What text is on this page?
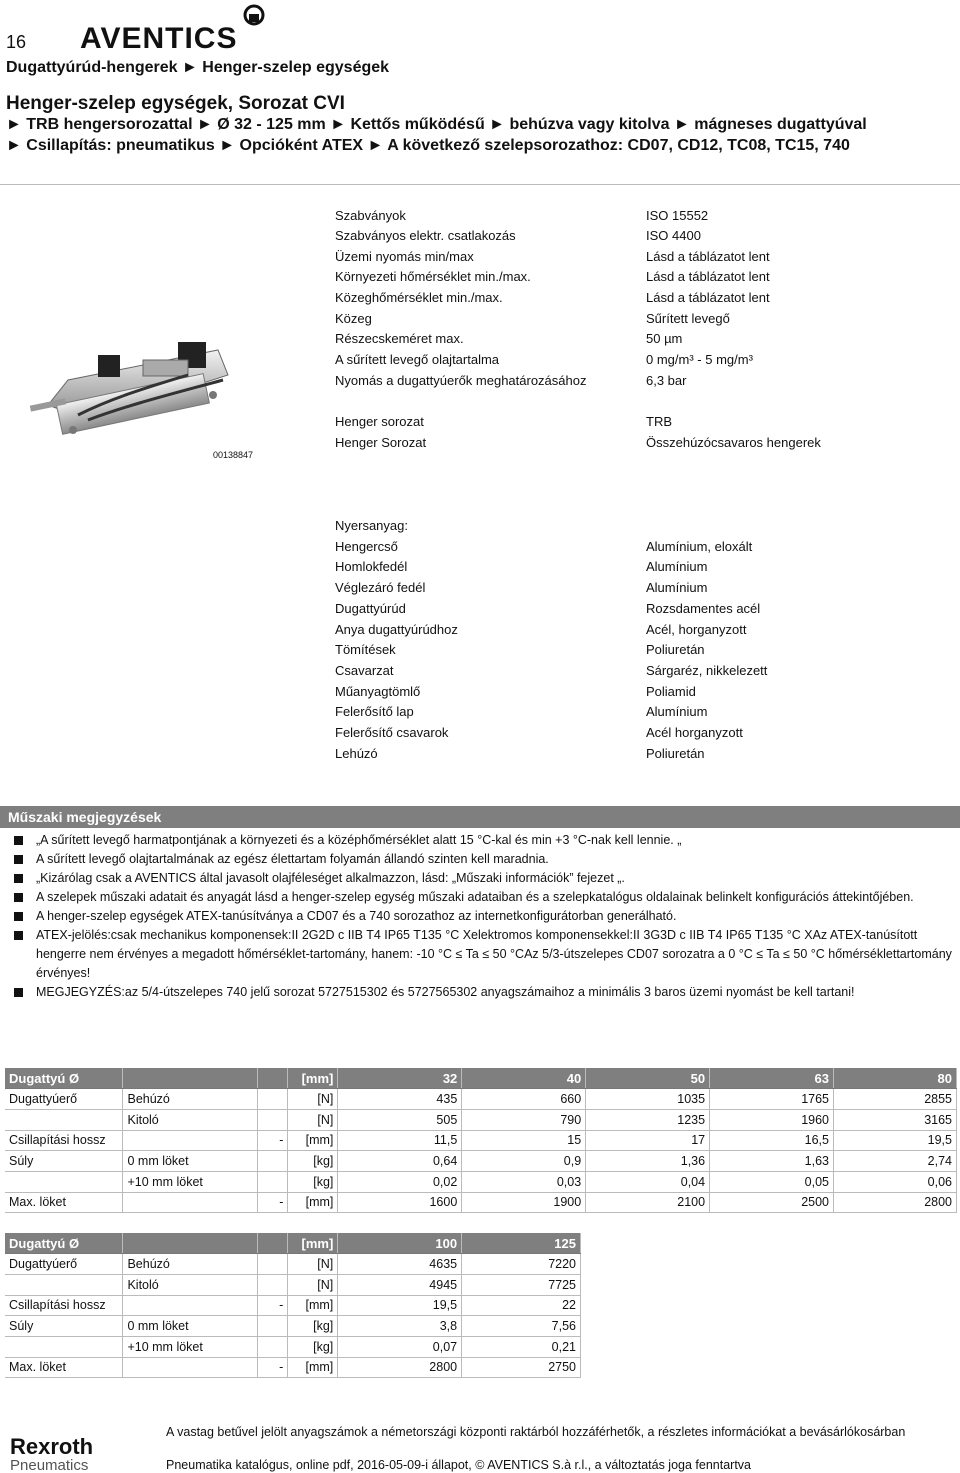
16 AVENTICS
Dugattyúrúd-hengerek ► Henger-szelep egységek
Henger-szelep egységek, Sorozat CVI
► TRB hengersorozattal ► Ø 32 - 125 mm ► Kettős működésű ► behúzva vagy kitolva ► mágneses dugattyúval
► Csillapítás: pneumatikus ► Opcióként ATEX ► A következő szelepsorozathoz: CD07, CD12, TC08, TC15, 740
00138847
Szabványok	ISO 15552
Szabványos elektr. csatlakozás	ISO 4400
Üzemi nyomás min/max	Lásd a táblázatot lent
Környezeti hőmérséklet min./max.	Lásd a táblázatot lent
Közeghőmérséklet min./max.	Lásd a táblázatot lent
Közeg	Sűrített levegő
Részecskeméret max.	50 µm
A sűrített levegő olajtartalma	0 mg/m³ - 5 mg/m³
Nyomás a dugattyúerők meghatározásához	6,3 bar
Henger sorozat	TRB
Henger Sorozat	Összehúzócsavaros hengerek
Nyersanyag:
Hengercső	Alumínium, eloxált
Homlokfedél	Alumínium
Véglezáró fedél	Alumínium
Dugattyúrúd	Rozsdamentes acél
Anya dugattyúrúdhoz	Acél, horganyzott
Tömítések	Poliuretán
Csavarzat	Sárgaréz, nikkelezett
Műanyagtömlő	Poliamid
Felerősítő lap	Alumínium
Felerősítő csavarok	Acél horganyzott
Lehúzó	Poliuretán
Műszaki megjegyzések
„A sűrített levegő harmatpontjának a környezeti és a középhőmérséklet alatt 15 °C-kal és min +3 °C-nak kell lennie. „
A sűrített levegő olajtartalmának az egész élettartam folyamán állandó szinten kell maradnia.
„Kizárólag csak a AVENTICS által javasolt olajféleséget alkalmazzon, lásd: „Műszaki információk” fejezet „.
A szelepek műszaki adatait és anyagát lásd a henger-szelep egység műszaki adataiban és a szelepkatalógus oldalainak belinkelt konfigurációs áttekintőjében.
A henger-szelep egységek ATEX-tanúsítványa a CD07 és a 740 sorozathoz az internetkonfigurátorban generálható.
ATEX-jelölés:csak mechanikus komponensek:II 2G2D c IIB T4 IP65 T135 °C Xelektromos komponensekkel:II 3G3D c IIB T4 IP65 T135 °C XAz ATEX-tanúsított hengerre nem érvényes a megadott hőmérséklet-tartomány, hanem: -10 °C ≤ Ta ≤ 50 °CAz 5/3-útszelepes CD07 sorozatra a 0 °C ≤ Ta ≤ 50 °C hőmérséklettartomány érvényes!
MEGJEGYZÉS:az 5/4-útszelepes 740 jelű sorozat 5727515302 és 5727565302 anyagszámaihoz a minimális 3 baros üzemi nyomást be kell tartani!
Dugattyú Ø			[mm]	32	40	50	63	80
Dugattyúerő	Behúzó		[N]	435	660	1035	1765	2855
	Kitoló		[N]	505	790	1235	1960	3165
Csillapítási hossz		-	[mm]	11,5	15	17	16,5	19,5
Súly	0 mm löket		[kg]	0,64	0,9	1,36	1,63	2,74
	+10 mm löket		[kg]	0,02	0,03	0,04	0,05	0,06
Max. löket		-	[mm]	1600	1900	2100	2500	2800
Dugattyú Ø			[mm]	100	125
Dugattyúerő	Behúzó		[N]	4635	7220
	Kitoló		[N]	4945	7725
Csillapítási hossz		-	[mm]	19,5	22
Súly	0 mm löket		[kg]	3,8	7,56
	+10 mm löket		[kg]	0,07	0,21
Max. löket		-	[mm]	2800	2750
Rexroth
Pneumatics
A vastag betűvel jelölt anyagszámok a németországi központi raktárból hozzáférhetők, a részletes információkat a bevásárlókosárban
Pneumatika katalógus, online pdf, 2016-05-09-i állapot, © AVENTICS S.à r.l., a változtatás joga fenntartva
